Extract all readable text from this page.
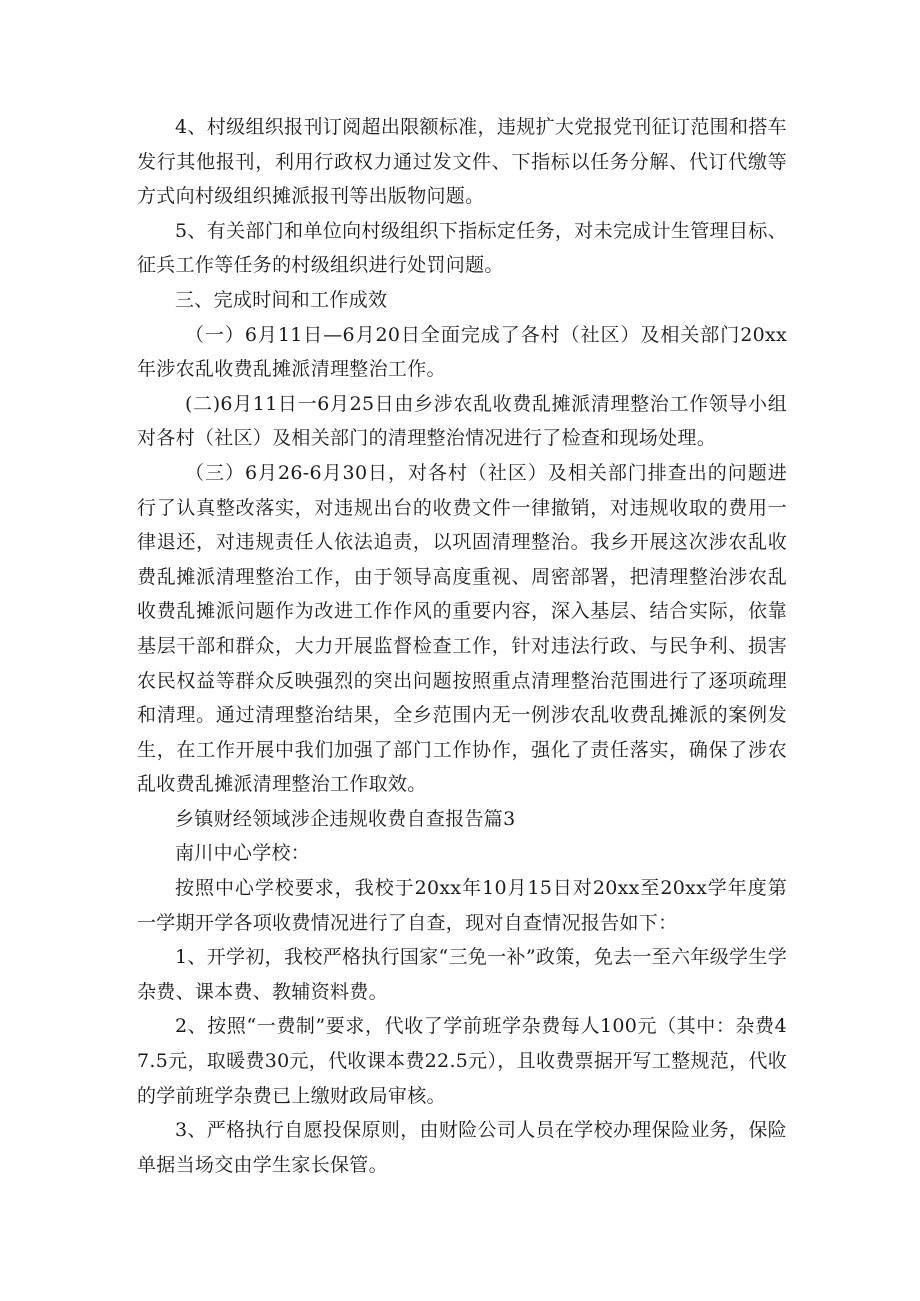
4、村级组织报刊订阅超出限额标准，违规扩大党报党刊征订范围和搭车发行其他报刊，利用行政权力通过发文件、下指标以任务分解、代订代缴等方式向村级组织摊派报刊等出版物问题。

5、有关部门和单位向村级组织下指标定任务，对未完成计生管理目标、征兵工作等任务的村级组织进行处罚问题。

三、完成时间和工作成效

（一）6月11日—6月20日全面完成了各村（社区）及相关部门20xx年涉农乱收费乱摊派清理整治工作。

(二)6月11日一6月25日由乡涉农乱收费乱摊派清理整治工作领导小组对各村（社区）及相关部门的清理整治情况进行了检查和现场处理。

（三）6月26-6月30日，对各村（社区）及相关部门排查出的问题进行了认真整改落实，对违规出台的收费文件一律撤销，对违规收取的费用一律退还，对违规责任人依法追责，以巩固清理整治。我乡开展这次涉农乱收费乱摊派清理整治工作，由于领导高度重视、周密部署，把清理整治涉农乱收费乱摊派问题作为改进工作作风的重要内容，深入基层、结合实际，依靠基层干部和群众，大力开展监督检查工作，针对违法行政、与民争利、损害农民权益等群众反映强烈的突出问题按照重点清理整治范围进行了逐项疏理和清理。通过清理整治结果，全乡范围内无一例涉农乱收费乱摊派的案例发生，在工作开展中我们加强了部门工作协作，强化了责任落实，确保了涉农乱收费乱摊派清理整治工作取效。

乡镇财经领域涉企违规收费自查报告篇3

南川中心学校：

按照中心学校要求，我校于20xx年10月15日对20xx至20xx学年度第一学期开学各项收费情况进行了自查，现对自查情况报告如下：

1、开学初，我校严格执行国家“三免一补”政策，免去一至六年级学生学杂费、课本费、教辅资料费。

2、按照“一费制”要求，代收了学前班学杂费每人100元（其中：杂费47.5元，取暖费30元，代收课本费22.5元），且收费票据开写工整规范，代收的学前班学杂费已上缴财政局审核。

3、严格执行自愿投保原则，由财险公司人员在学校办理保险业务，保险单据当场交由学生家长保管。
